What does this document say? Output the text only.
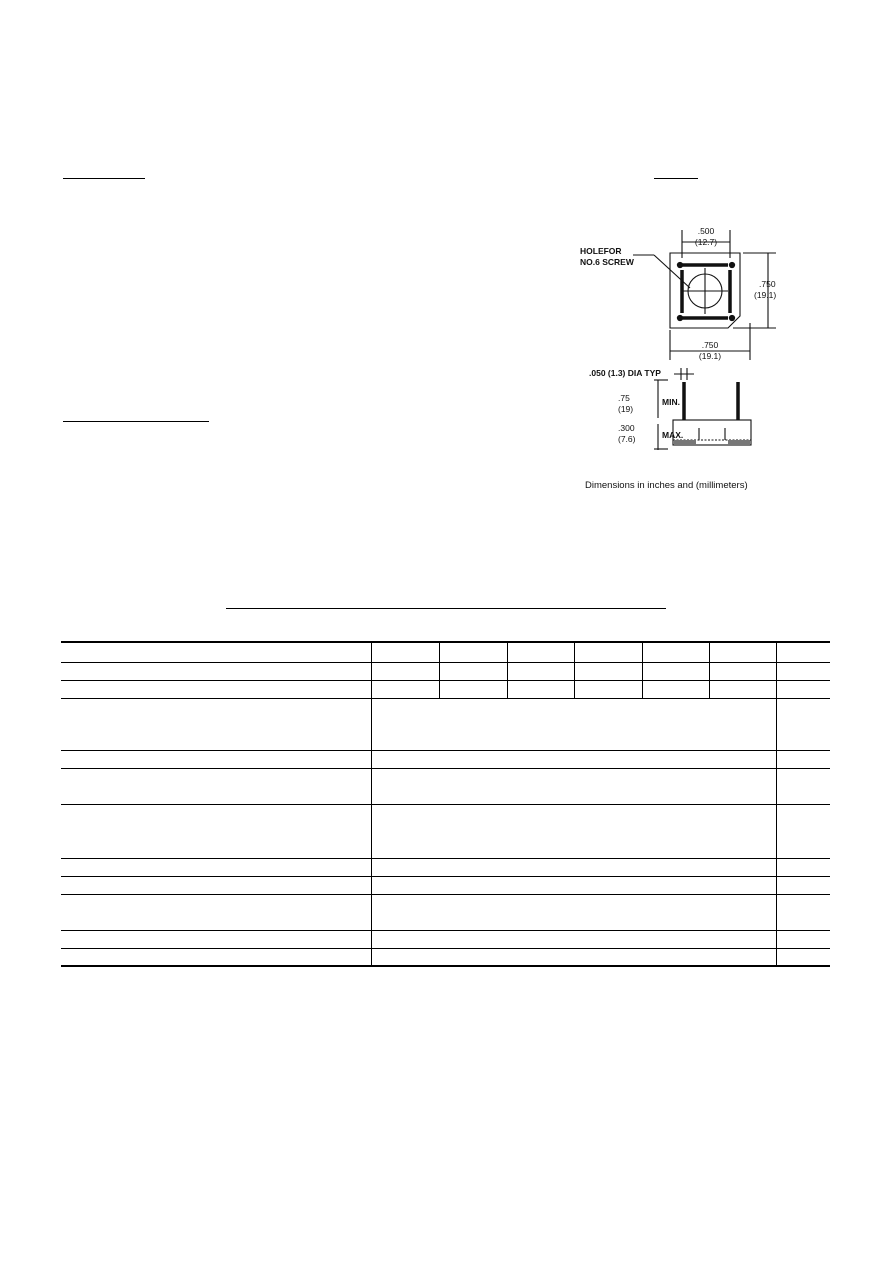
.500
(12.7)
HOLEFOR
NO.6 SCREW
.750
(19.1)
.750
(19.1)
.050 (1.3) DIA TYP
.75
(19)
MIN.
.300
(7.6)	MAX.
Dimensions in inches and (millimeters)
